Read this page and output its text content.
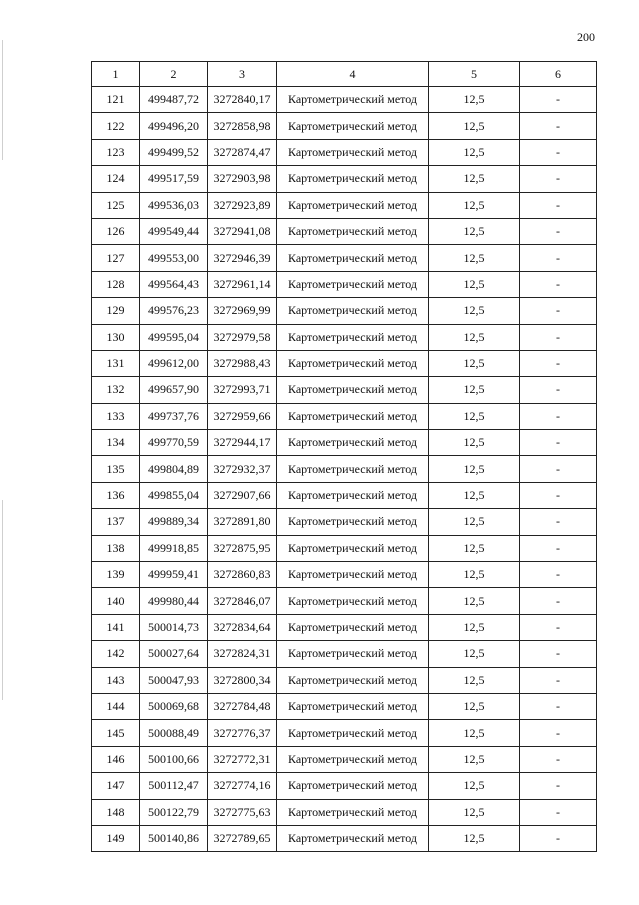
200
1	2	3	4	5	6
121	499487,72	3272840,17	Картометрический метод	12,5	-
122	499496,20	3272858,98	Картометрический метод	12,5	-
123	499499,52	3272874,47	Картометрический метод	12,5	-
124	499517,59	3272903,98	Картометрический метод	12,5	-
125	499536,03	3272923,89	Картометрический метод	12,5	-
126	499549,44	3272941,08	Картометрический метод	12,5	-
127	499553,00	3272946,39	Картометрический метод	12,5	-
128	499564,43	3272961,14	Картометрический метод	12,5	-
129	499576,23	3272969,99	Картометрический метод	12,5	-
130	499595,04	3272979,58	Картометрический метод	12,5	-
131	499612,00	3272988,43	Картометрический метод	12,5	-
132	499657,90	3272993,71	Картометрический метод	12,5	-
133	499737,76	3272959,66	Картометрический метод	12,5	-
134	499770,59	3272944,17	Картометрический метод	12,5	-
135	499804,89	3272932,37	Картометрический метод	12,5	-
136	499855,04	3272907,66	Картометрический метод	12,5	-
137	499889,34	3272891,80	Картометрический метод	12,5	-
138	499918,85	3272875,95	Картометрический метод	12,5	-
139	499959,41	3272860,83	Картометрический метод	12,5	-
140	499980,44	3272846,07	Картометрический метод	12,5	-
141	500014,73	3272834,64	Картометрический метод	12,5	-
142	500027,64	3272824,31	Картометрический метод	12,5	-
143	500047,93	3272800,34	Картометрический метод	12,5	-
144	500069,68	3272784,48	Картометрический метод	12,5	-
145	500088,49	3272776,37	Картометрический метод	12,5	-
146	500100,66	3272772,31	Картометрический метод	12,5	-
147	500112,47	3272774,16	Картометрический метод	12,5	-
148	500122,79	3272775,63	Картометрический метод	12,5	-
149	500140,86	3272789,65	Картометрический метод	12,5	-
